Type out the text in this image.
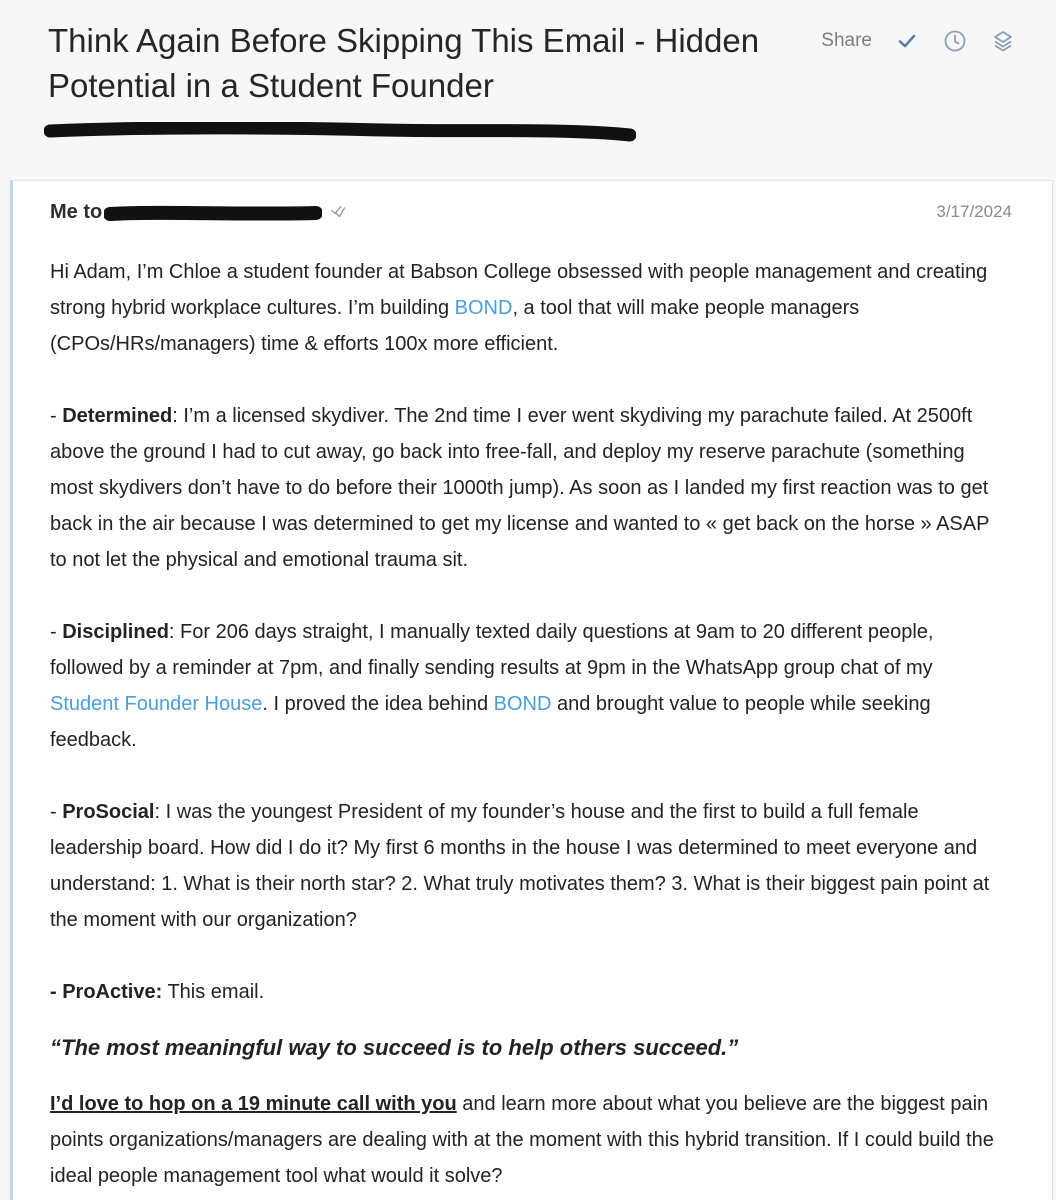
Think Again Before Skipping This Email - Hidden Potential in a Student Founder
Share
BOND
Me to	3/17/2024

Hi Adam, I’m Chloe a student founder at Babson College obsessed with people management and creating strong hybrid workplace cultures. I’m building BOND, a tool that will make people managers (CPOs/HRs/managers) time & efforts 100x more efficient.

- Determined: I’m a licensed skydiver. The 2nd time I ever went skydiving my parachute failed. At 2500ft above the ground I had to cut away, go back into free-fall, and deploy my reserve parachute (something most skydivers don’t have to do before their 1000th jump). As soon as I landed my first reaction was to get back in the air because I was determined to get my license and wanted to « get back on the horse » ASAP to not let the physical and emotional trauma sit.

- Disciplined: For 206 days straight, I manually texted daily questions at 9am to 20 different people, followed by a reminder at 7pm, and finally sending results at 9pm in the WhatsApp group chat of my Student Founder House. I proved the idea behind BOND and brought value to people while seeking feedback.

- ProSocial: I was the youngest President of my founder’s house and the first to build a full female leadership board. How did I do it? My first 6 months in the house I was determined to meet everyone and understand: 1. What is their north star? 2. What truly motivates them? 3. What is their biggest pain point at the moment with our organization?

- ProActive: This email.

“The most meaningful way to succeed is to help others succeed.”

I’d love to hop on a 19 minute call with you and learn more about what you believe are the biggest pain points organizations/managers are dealing with at the moment with this hybrid transition. If I could build the ideal people management tool what would it solve?
